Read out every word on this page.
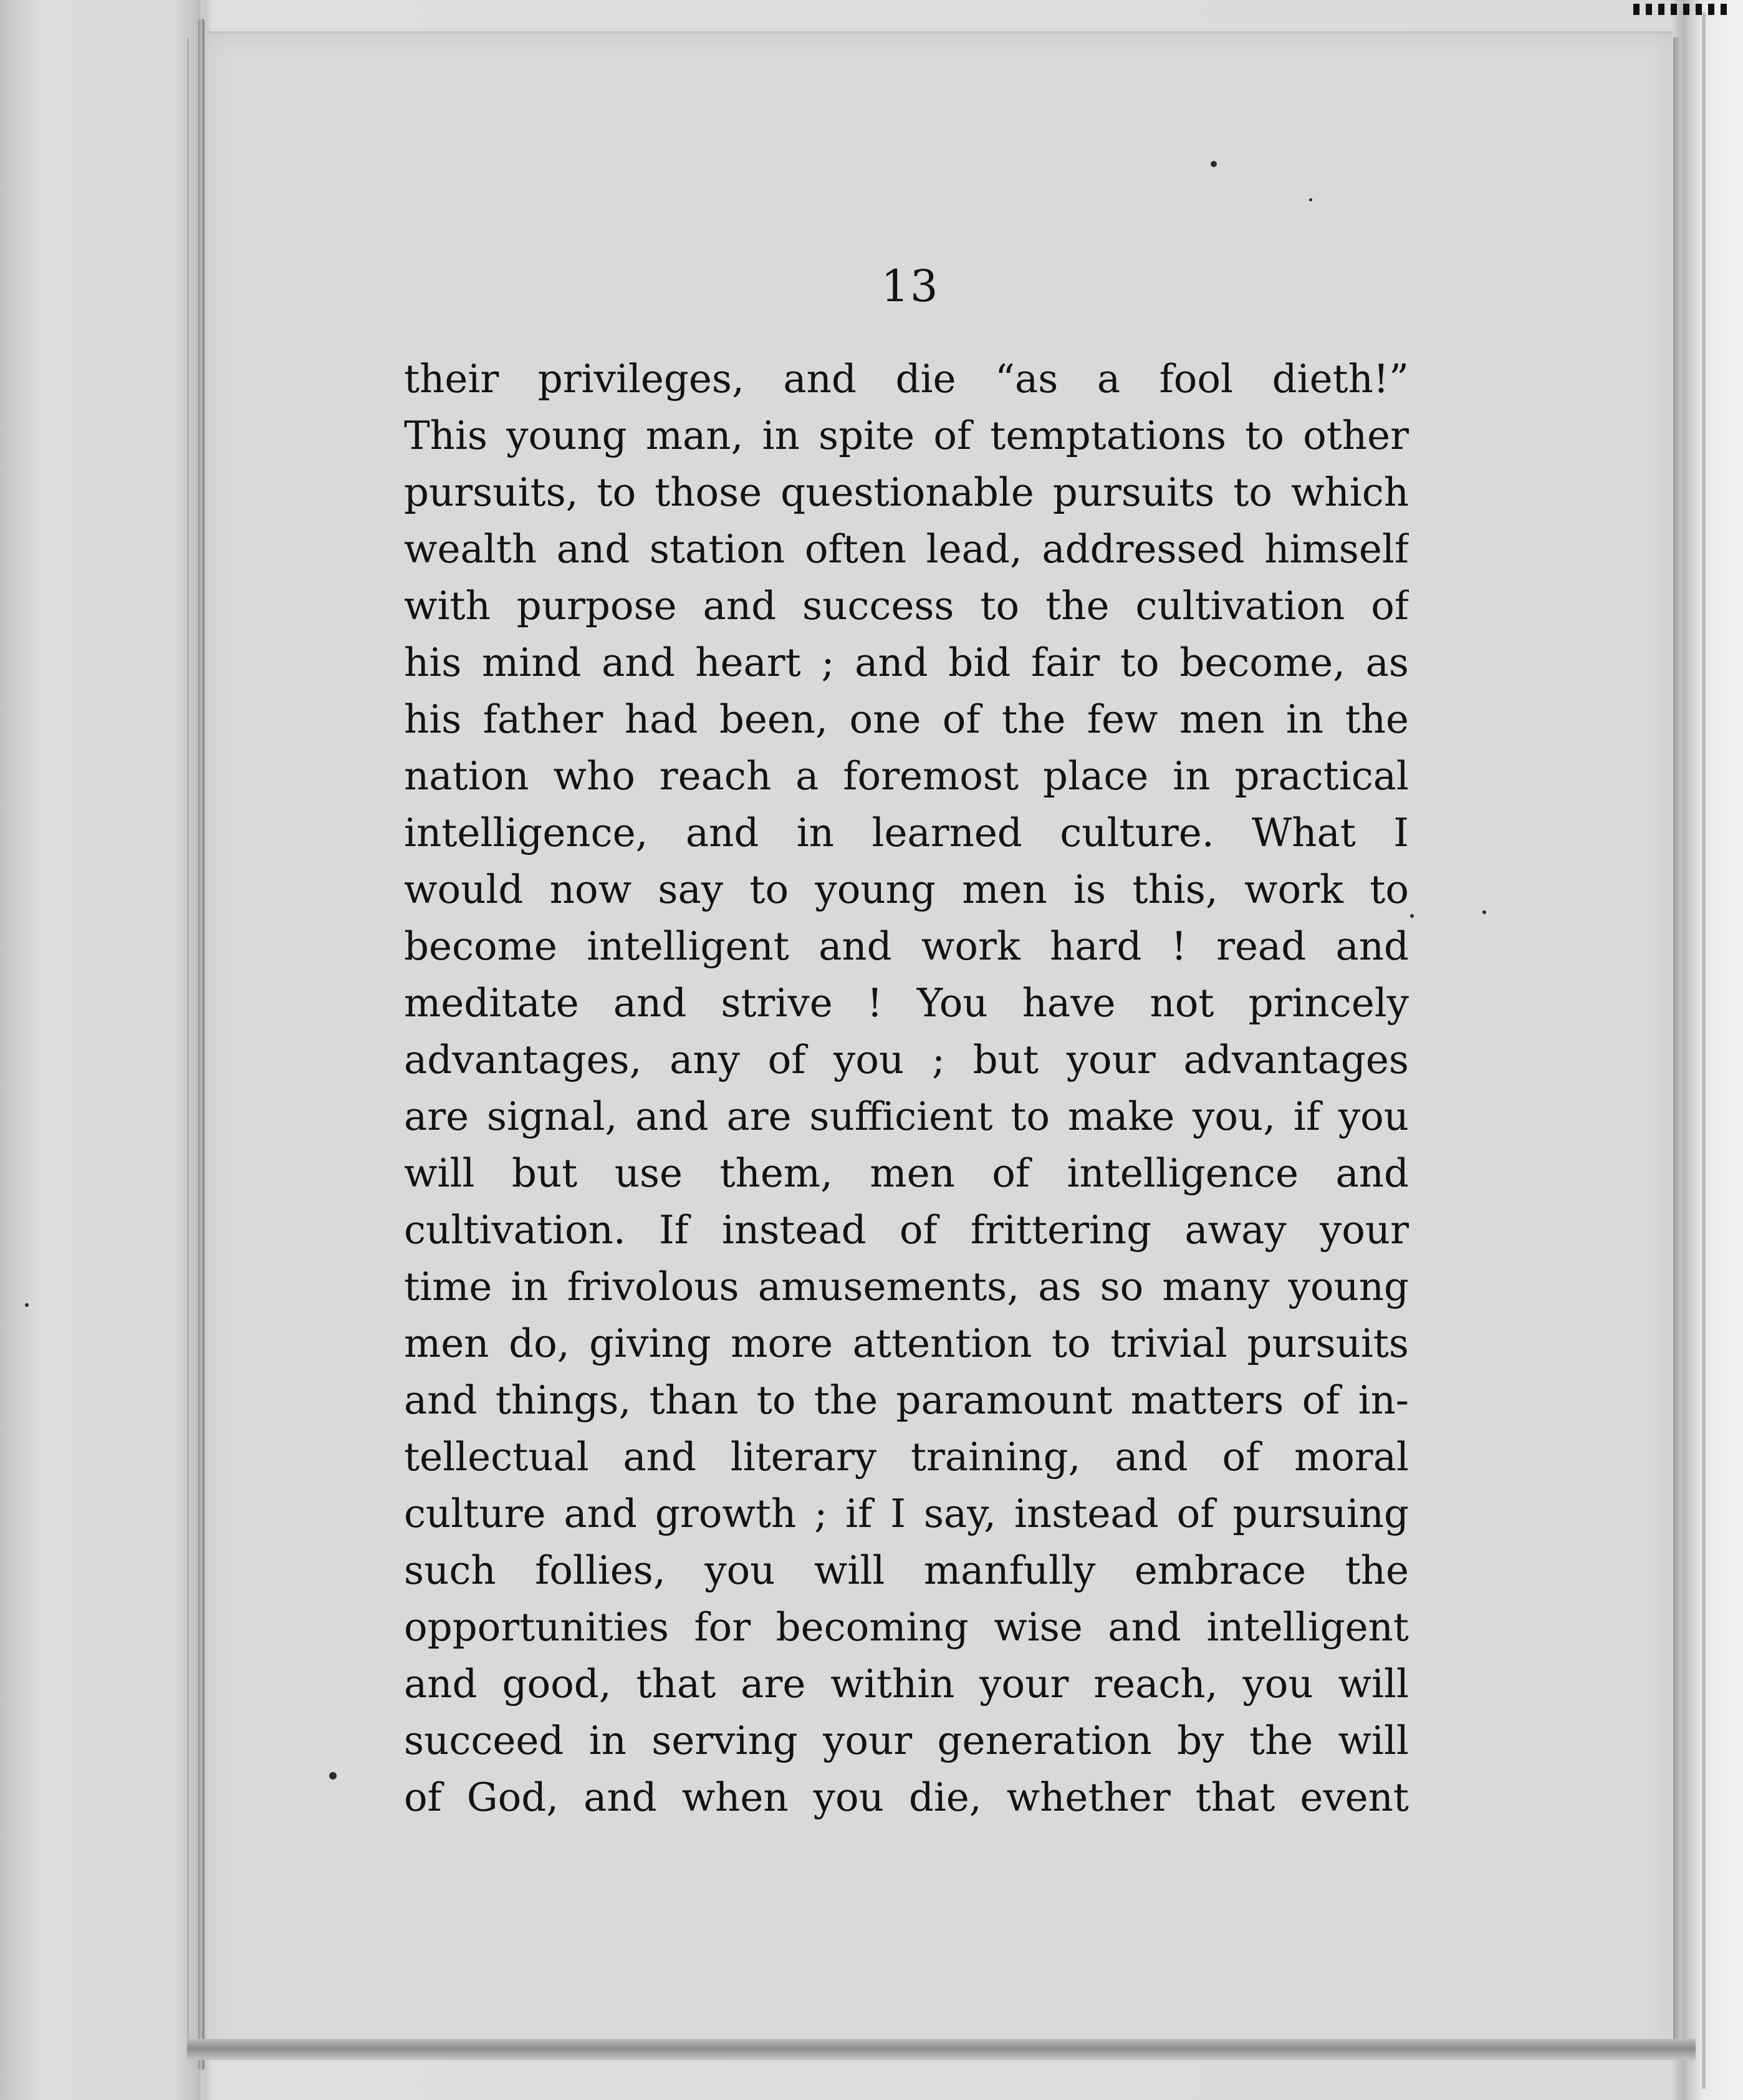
13
their privileges, and die “as a fool dieth!”
This young man, in spite of temptations to other
pursuits, to those questionable pursuits to which
wealth and station often lead, addressed himself
with purpose and success to the cultivation of
his mind and heart ; and bid fair to become, as
his father had been, one of the few men in the
nation who reach a foremost place in practical
intelligence, and in learned culture. What I
would now say to young men is this, work to
become intelligent and work hard ! read and
meditate and strive ! You have not princely
advantages, any of you ; but your advantages
are signal, and are sufficient to make you, if you
will but use them, men of intelligence and
cultivation. If instead of frittering away your
time in frivolous amusements, as so many young
men do, giving more attention to trivial pursuits
and things, than to the paramount matters of in-
tellectual and literary training, and of moral
culture and growth ; if I say, instead of pursuing
such follies, you will manfully embrace the
opportunities for becoming wise and intelligent
and good, that are within your reach, you will
succeed in serving your generation by the will
of God, and when you die, whether that event
